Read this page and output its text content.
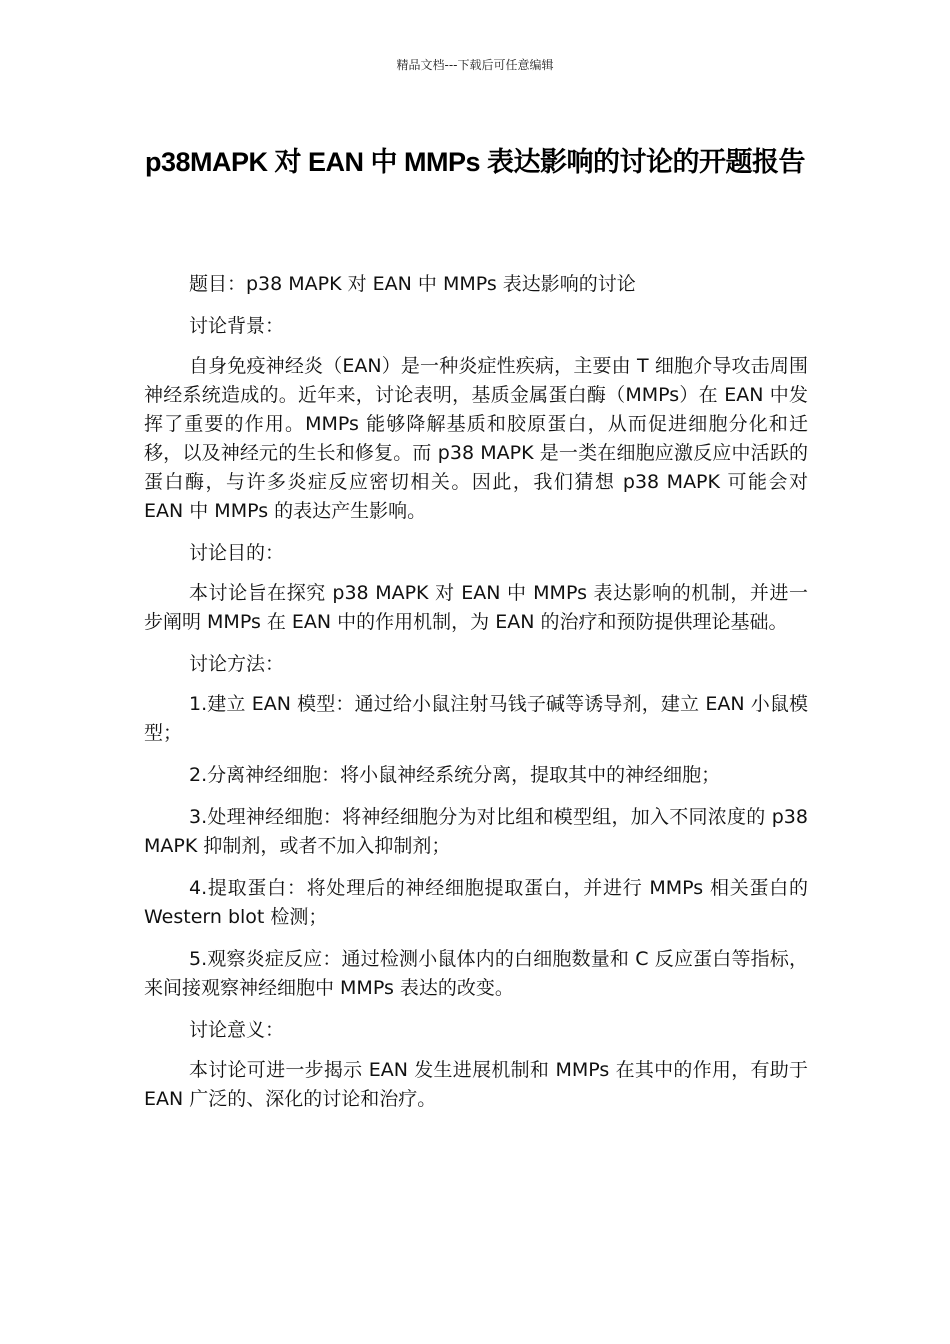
精品文档---下载后可任意编辑
p38MAPK 对 EAN 中 MMPs 表达影响的讨论的开题报告

题目：p38 MAPK 对 EAN 中 MMPs 表达影响的讨论

讨论背景：

自身免疫神经炎（EAN）是一种炎症性疾病，主要由 T 细胞介导攻击周围神经系统造成的。近年来，讨论表明，基质金属蛋白酶（MMPs）在 EAN 中发挥了重要的作用。MMPs 能够降解基质和胶原蛋白，从而促进细胞分化和迁移，以及神经元的生长和修复。而 p38 MAPK 是一类在细胞应激反应中活跃的蛋白酶，与许多炎症反应密切相关。因此，我们猜想 p38 MAPK 可能会对 EAN 中 MMPs 的表达产生影响。

讨论目的：

本讨论旨在探究 p38 MAPK 对 EAN 中 MMPs 表达影响的机制，并进一步阐明 MMPs 在 EAN 中的作用机制，为 EAN 的治疗和预防提供理论基础。

讨论方法：

1.建立 EAN 模型：通过给小鼠注射马钱子碱等诱导剂，建立 EAN 小鼠模型；

2.分离神经细胞：将小鼠神经系统分离，提取其中的神经细胞；

3.处理神经细胞：将神经细胞分为对比组和模型组，加入不同浓度的 p38 MAPK 抑制剂，或者不加入抑制剂；

4.提取蛋白：将处理后的神经细胞提取蛋白，并进行 MMPs 相关蛋白的 Western blot 检测；

5.观察炎症反应：通过检测小鼠体内的白细胞数量和 C 反应蛋白等指标，来间接观察神经细胞中 MMPs 表达的改变。

讨论意义：

本讨论可进一步揭示 EAN 发生进展机制和 MMPs 在其中的作用，有助于 EAN 广泛的、深化的讨论和治疗。
